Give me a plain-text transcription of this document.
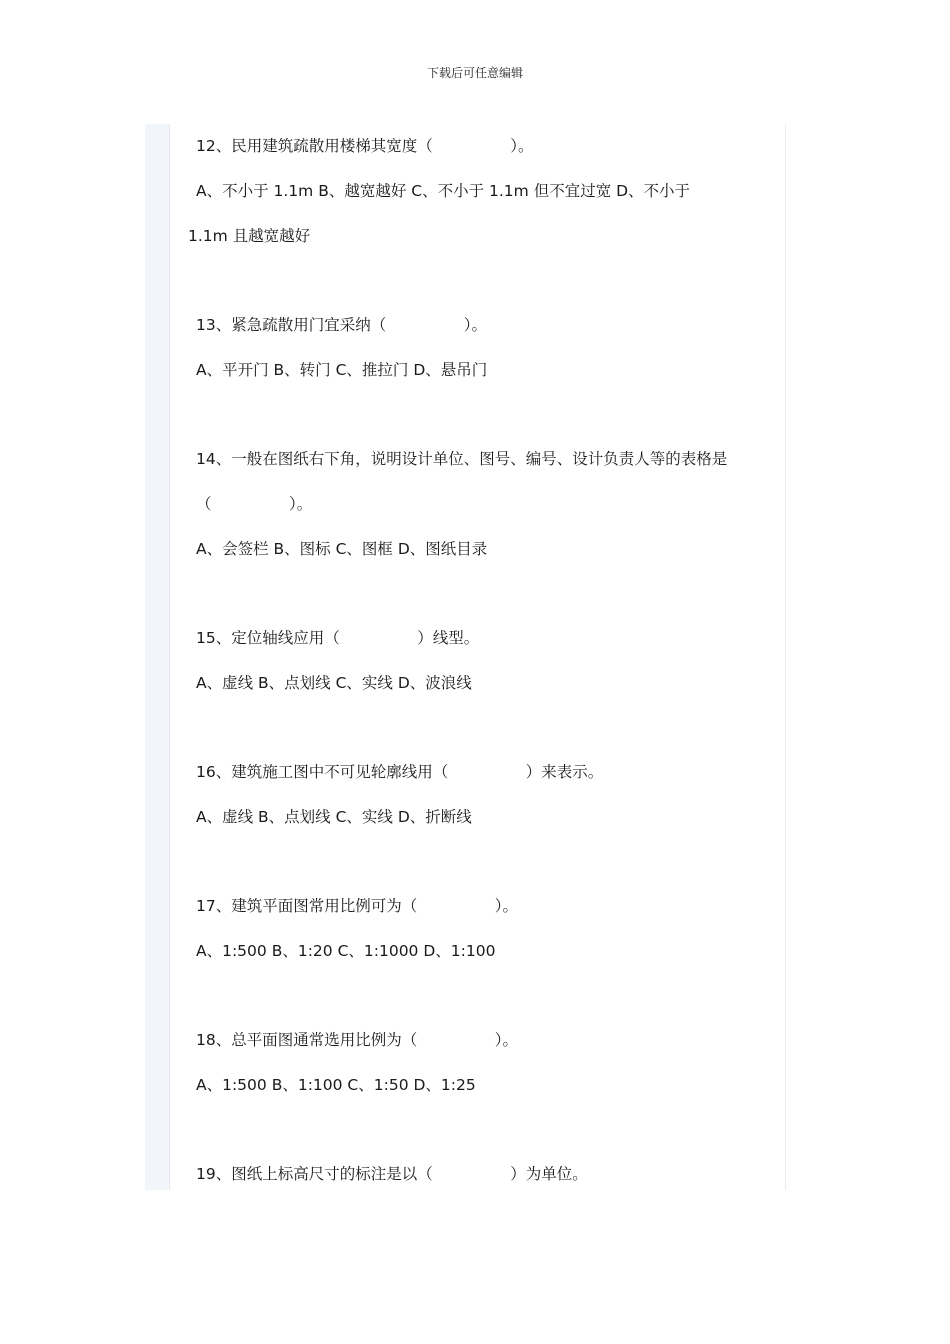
下载后可任意编辑
12、民用建筑疏散用楼梯其宽度（　　　　　）。
A、不小于 1.1m B、越宽越好 C、不小于 1.1m 但不宜过宽 D、不小于
1.1m 且越宽越好
13、紧急疏散用门宜采纳（　　　　　）。
A、平开门 B、转门 C、推拉门 D、悬吊门
14、一般在图纸右下角，说明设计单位、图号、编号、设计负责人等的表格是
（　　　　　）。
A、会签栏 B、图标 C、图框 D、图纸目录
15、定位轴线应用（　　　　　）线型。
A、虚线 B、点划线 C、实线 D、波浪线
16、建筑施工图中不可见轮廓线用（　　　　　）来表示。
A、虚线 B、点划线 C、实线 D、折断线
17、建筑平面图常用比例可为（　　　　　）。
A、1:500 B、1:20 C、1:1000 D、1:100
18、总平面图通常选用比例为（　　　　　）。
A、1:500 B、1:100 C、1:50 D、1:25
19、图纸上标高尺寸的标注是以（　　　　　）为单位。
